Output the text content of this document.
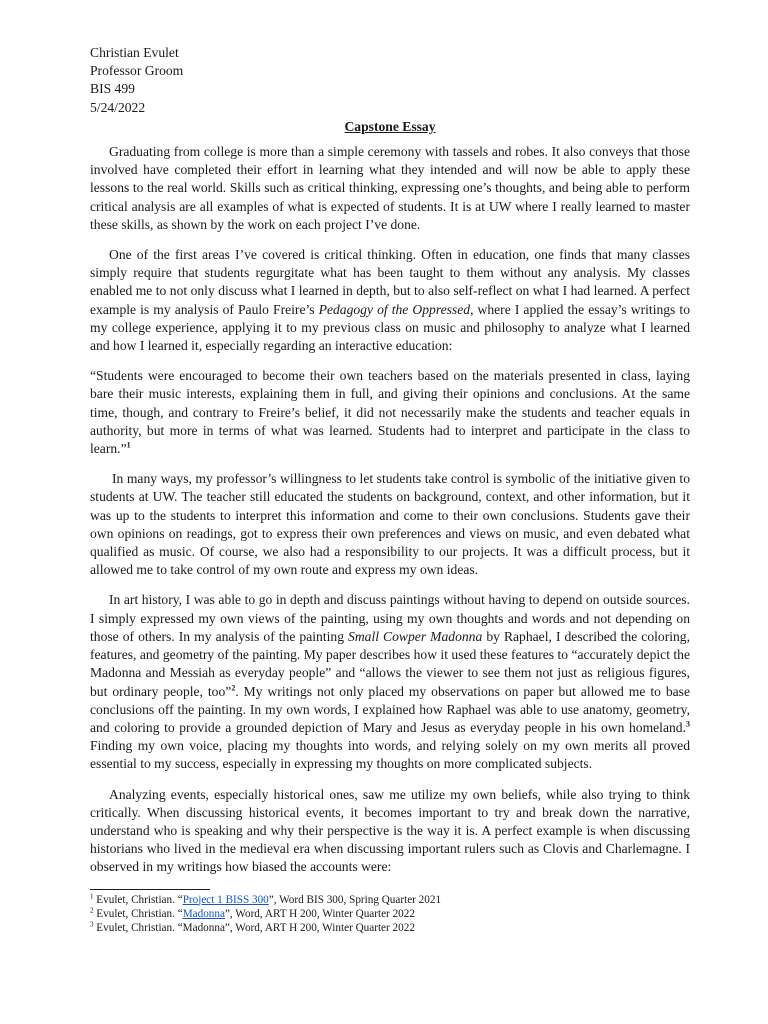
Christian Evulet

Professor Groom

BIS 499

5/24/2022

Capstone Essay

Graduating from college is more than a simple ceremony with tassels and robes. It also conveys that those involved have completed their effort in learning what they intended and will now be able to apply these lessons to the real world. Skills such as critical thinking, expressing one’s thoughts, and being able to perform critical analysis are all examples of what is expected of students. It is at UW where I really learned to master these skills, as shown by the work on each project I’ve done.

One of the first areas I’ve covered is critical thinking. Often in education, one finds that many classes simply require that students regurgitate what has been taught to them without any analysis. My classes enabled me to not only discuss what I learned in depth, but to also self-reflect on what I had learned. A perfect example is my analysis of Paulo Freire’s Pedagogy of the Oppressed, where I applied the essay’s writings to my college experience, applying it to my previous class on music and philosophy to analyze what I learned and how I learned it, especially regarding an interactive education:

“Students were encouraged to become their own teachers based on the materials presented in class, laying bare their music interests, explaining them in full, and giving their opinions and conclusions. At the same time, though, and contrary to Freire’s belief, it did not necessarily make the students and teacher equals in authority, but more in terms of what was learned. Students had to interpret and participate in the class to learn.”$^1$

In many ways, my professor’s willingness to let students take control is symbolic of the initiative given to students at UW. The teacher still educated the students on background, context, and other information, but it was up to the students to interpret this information and come to their own conclusions. Students gave their own opinions on readings, got to express their own preferences and views on music, and even debated what qualified as music. Of course, we also had a responsibility to our projects. It was a difficult process, but it allowed me to take control of my own route and express my own ideas.

In art history, I was able to go in depth and discuss paintings without having to depend on outside sources. I simply expressed my own views of the painting, using my own thoughts and words and not depending on those of others. In my analysis of the painting Small Cowper Madonna by Raphael, I described the coloring, features, and geometry of the painting. My paper describes how it used these features to “accurately depict the Madonna and Messiah as everyday people” and “allows the viewer to see them not just as religious figures, but ordinary people, too”$^2$. My writings not only placed my observations on paper but allowed me to base conclusions off the painting. In my own words, I explained how Raphael was able to use anatomy, geometry, and coloring to provide a grounded depiction of Mary and Jesus as everyday people in his own homeland.$^3$ Finding my own voice, placing my thoughts into words, and relying solely on my own merits all proved essential to my success, especially in expressing my thoughts on more complicated subjects.

Analyzing events, especially historical ones, saw me utilize my own beliefs, while also trying to think critically. When discussing historical events, it becomes important to try and break down the narrative, understand who is speaking and why their perspective is the way it is. A perfect example is when discussing historians who lived in the medieval era when discussing important rulers such as Clovis and Charlemagne. I observed in my writings how biased the accounts were:

$^1$ Evulet, Christian. “Project 1 BISS 300”, Word BIS 300, Spring Quarter 2021

$^2$ Evulet, Christian. “Madonna”, Word, ART H 200, Winter Quarter 2022

$^3$ Evulet, Christian. “Madonna”, Word, ART H 200, Winter Quarter 2022
